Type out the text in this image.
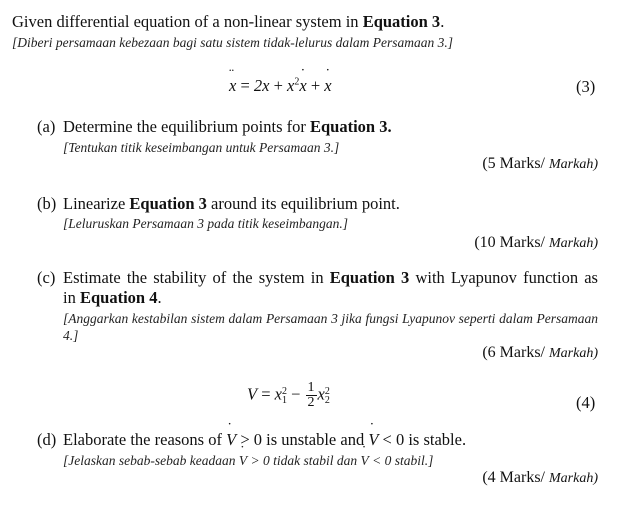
Given differential equation of a non-linear system in Equation 3.
[Diberi persamaan kebezaan bagi satu sistem tidak-lelurus dalam Persamaan 3.]
x ¨ = $2x + x^2x$ ˙ + x ˙	(3)
(a) Determine the equilibrium points for Equation 3.
[Tentukan titik keseimbangan untuk Persamaan 3.]
(5 Marks/ Markah)
(b) Linearize Equation 3 around its equilibrium point.
[Leluruskan Persamaan 3 pada titik keseimbangan.]
(10 Marks/ Markah)
(c) Estimate the stability of the system in Equation 3 with Lyapunov function as
in Equation 4.
[Anggarkan kestabilan sistem dalam Persamaan 3 jika fungsi Lyapunov seperti dalam Persamaan 4.]
(6 Marks/ Markah)
V = x 2
$1 - \frac{1}{2}$ x 2
2	(4)
(d) Elaborate the reasons of V ˙ > 0 is unstable and V ˙ < 0 is stable.
[Jelaskan sebab-sebab keadaan V ˙ > 0 tidak stabil dan V ˙ < 0 stabil.]
(4 Marks/ Markah)
